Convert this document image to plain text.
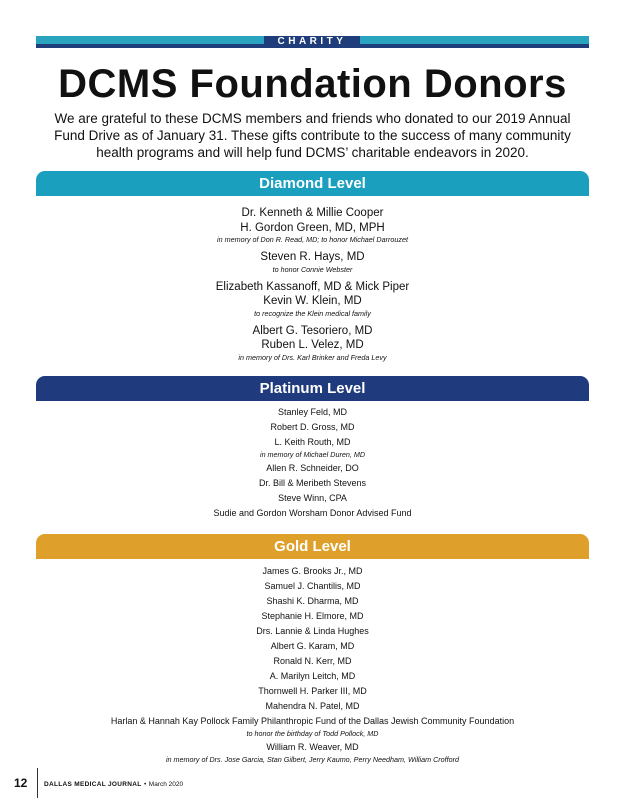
CHARITY
DCMS Foundation Donors

We are grateful to these DCMS members and friends who donated to our 2019 Annual Fund Drive as of January 31. These gifts contribute to the success of many community health programs and will help fund DCMS’ charitable endeavors in 2020.

Diamond Level
Dr. Kenneth & Millie Cooper
H. Gordon Green, MD, MPH
in memory of Don R. Read, MD; to honor Michael Darrouzet
Steven R. Hays, MD
to honor Connie Webster
Elizabeth Kassanoff, MD & Mick Piper
Kevin W. Klein, MD
to recognize the Klein medical family
Albert G. Tesoriero, MD
Ruben L. Velez, MD
in memory of Drs. Karl Brinker and Freda Levy
Platinum Level
Stanley Feld, MD
Robert D. Gross, MD
L. Keith Routh, MD
in memory of Michael Duren, MD
Allen R. Schneider, DO
Dr. Bill & Meribeth Stevens
Steve Winn, CPA
Sudie and Gordon Worsham Donor Advised Fund
Gold Level
James G. Brooks Jr., MD
Samuel J. Chantilis, MD
Shashi K. Dharma, MD
Stephanie H. Elmore, MD
Drs. Lannie & Linda Hughes
Albert G. Karam, MD
Ronald N. Kerr, MD
A. Marilyn Leitch, MD
Thornwell H. Parker III, MD
Mahendra N. Patel, MD
Harlan & Hannah Kay Pollock Family Philanthropic Fund of the Dallas Jewish Community Foundation
to honor the birthday of Todd Pollock, MD
William R. Weaver, MD
in memory of Drs. Jose Garcia, Stan Gilbert, Jerry Kaumo, Perry Needham, William Crofford
12	DALLAS MEDICAL JOURNAL • March 2020
